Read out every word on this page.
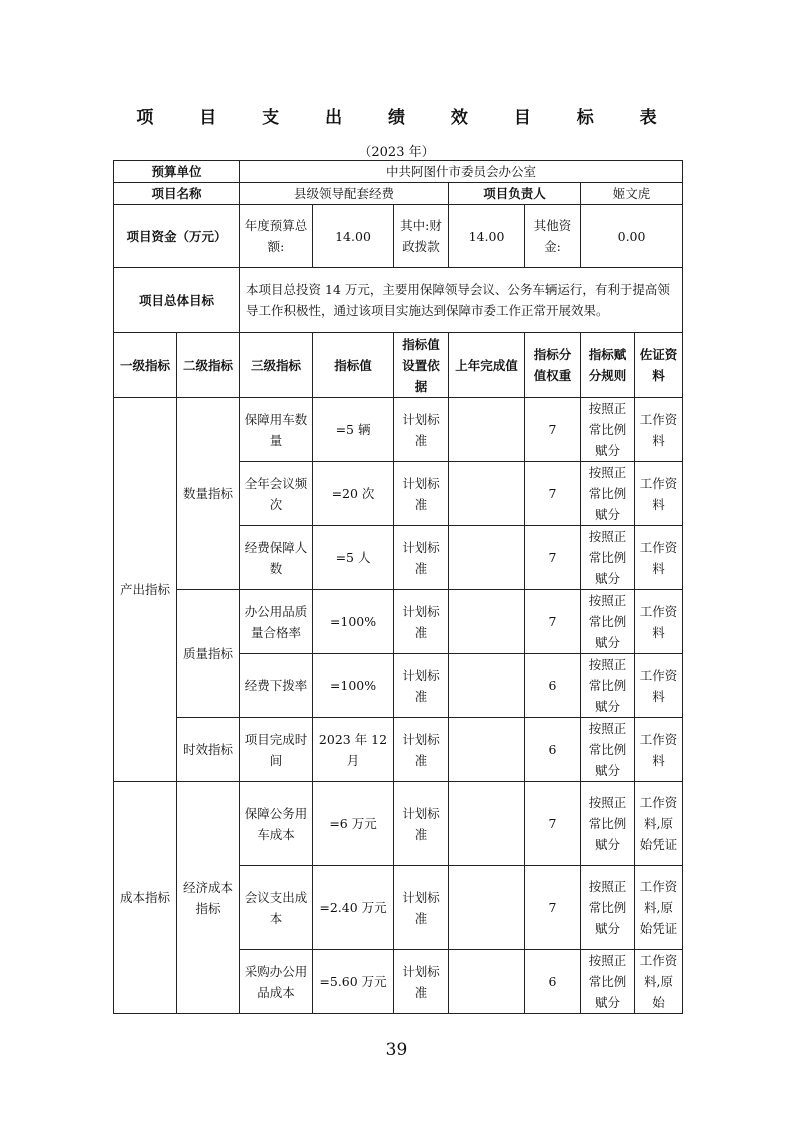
项 目 支 出 绩 效 目 标 表
（2023 年）
预算单位		中共阿图什市委员会办公室						
项目名称		县级领导配套经费			项目负责人		姬文虎	
项目资金（万元）		年度预算总额:	14.00	其中:财政拨款	14.00	其他资金:	0.00	
项目总体目标		本项目总投资 14 万元，主要用保障领导会议、公务车辆运行，有利于提高领导工作积极性，通过该项目实施达到保障市委工作正常开展效果。						
一级指标	二级指标	三级指标	指标值	指标值设置依据	上年完成值	指标分值权重	指标赋分规则	佐证资料
产出指标	数量指标	保障用车数量	=5 辆	计划标准		7	按照正常比例赋分	工作资料
		全年会议频次	=20 次	计划标准		7	按照正常比例赋分	工作资料
		经费保障人数	=5 人	计划标准		7	按照正常比例赋分	工作资料
	质量指标	办公用品质量合格率	=100%	计划标准		7	按照正常比例赋分	工作资料
		经费下拨率	=100%	计划标准		6	按照正常比例赋分	工作资料
	时效指标	项目完成时间	2023 年 12 月	计划标准		6	按照正常比例赋分	工作资料
成本指标	经济成本指标	保障公务用车成本	=6 万元	计划标准		7	按照正常比例赋分	工作资料,原始凭证
		会议支出成本	=2.40 万元	计划标准		7	按照正常比例赋分	工作资料,原始凭证
		采购办公用品成本	=5.60 万元	计划标准		6	按照正常比例赋分	工作资料,原始
39
